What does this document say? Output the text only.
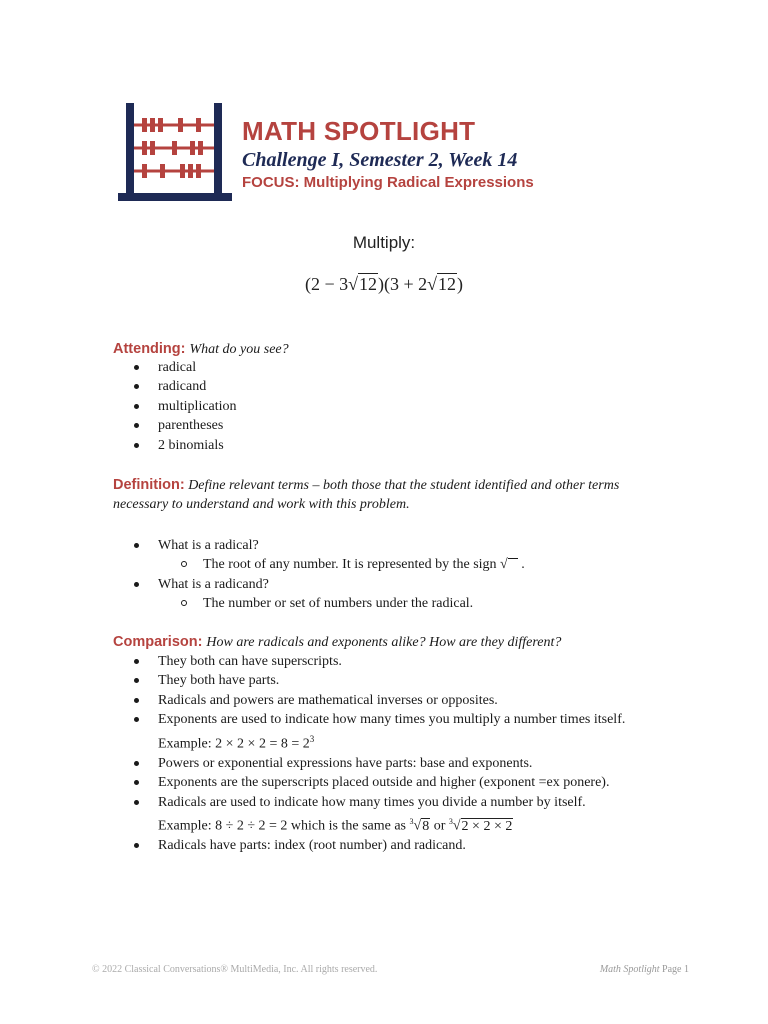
MATH SPOTLIGHT
Challenge I, Semester 2, Week 14
FOCUS: Multiplying Radical Expressions
Multiply:
(2 − 3√12)(3 + 2√12)
Attending: What do you see?
radical
radicand
multiplication
parentheses
2 binomials

Definition: Define relevant terms – both those that the student identified and other terms necessary to understand and work with this problem.

What is a radical?
The root of any number. It is represented by the sign √ .
What is a radicand?
The number or set of numbers under the radical.
Comparison: How are radicals and exponents alike? How are they different?
They both can have superscripts.
They both have parts.
Radicals and powers are mathematical inverses or opposites.
Exponents are used to indicate how many times you multiply a number times itself.
Example: $2 \times 2 \times 2 = 8 = 2^3$
Powers or exponential expressions have parts: base and exponents.
Exponents are the superscripts placed outside and higher (exponent =ex ponere).
Radicals are used to indicate how many times you divide a number by itself.
Example: 8 ÷ 2 ÷ 2 = 2 which is the same as $^3$√8 or $^3$√2 × 2 × 2
Radicals have parts: index (root number) and radicand.
© 2022 Classical Conversations® MultiMedia, Inc. All rights reserved.	Math Spotlight Page 1
